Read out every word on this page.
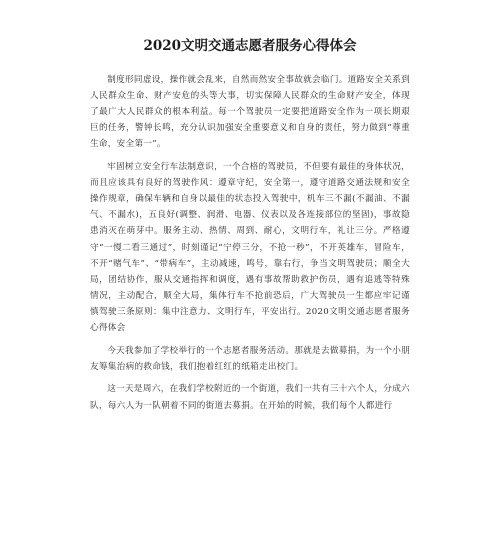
2020文明交通志愿者服务心得体会

制度形同虚设，操作就会乱来，自然而然安全事故就会临门。道路安全关系到人民群众生命、财产安危的头等大事，切实保障人民群众的生命财产安全，体现了最广大人民群众的根本利益。每一个驾驶员一定要把道路安全作为一项长期艰巨的任务，警钟长鸣，充分认识加强安全重要意义和自身的责任，努力做到“尊重生命，安全第一”。

牢固树立安全行车法制意识，一个合格的驾驶员，不但要有最佳的身体状况，而且应该具有良好的驾驶作风：遵章守纪，安全第一，遵守道路交通法规和安全操作规章，确保车辆和自身以最佳的状态投入驾驶中，机车三不漏(不漏油、不漏气、不漏水)，五良好(调整、润滑、电器、仪表以及各连接部位的坚固)，事故隐患消灭在萌芽中。服务主动、热情、周到、耐心，文明行车，礼让三分。严格遵守“一慢二看三通过”，时刻谨记“宁停三分，不抢一秒”，不开英雄车，冒险车，不开“赌气车”、“带病车”，主动减速，鸣号，靠右行，争当文明驾驶员；顺全大局，团结协作，服从交通指挥和调度，遇有事故帮助救护伤员，遇有追逃等特殊情况，主动配合，顺全大局，集体行车不抢前恐后，广大驾驶员一生都应牢记谨慎驾驶三条原则：集中注意力、文明行车，平安出行。2020文明交通志愿者服务心得体会

今天我参加了学校举行的一个志愿者服务活动。那就是去做募捐，为一个小朋友筹集治病的救命钱，我们抱着红红的纸箱走出校门。

这一天是周六，在我们学校附近的一个街道，我们一共有三十六个人，分成六队，每六人为一队朝着不同的街道去募捐。在开始的时候，我们每个人都进行
